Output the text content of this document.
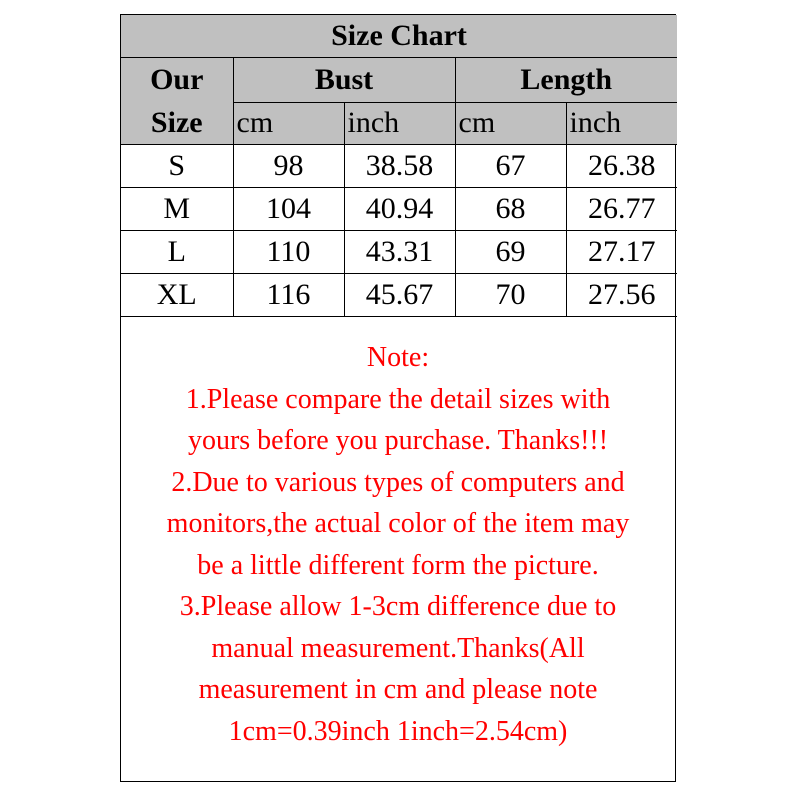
Size Chart				
Our
Size	Bust		Length	
	cm	inch	cm	inch
S	98	38.58	67	26.38
M	104	40.94	68	26.77
L	110	43.31	69	27.17
XL	116	45.67	70	27.56
Note:
1.Please compare the detail sizes with
yours before you purchase. Thanks!!!
2.Due to various types of computers and
monitors,the actual color of the item may
be a little different form the picture.
3.Please allow 1-3cm difference due to
manual measurement.Thanks(All
measurement in cm and please note
1cm=0.39inch 1inch=2.54cm)
